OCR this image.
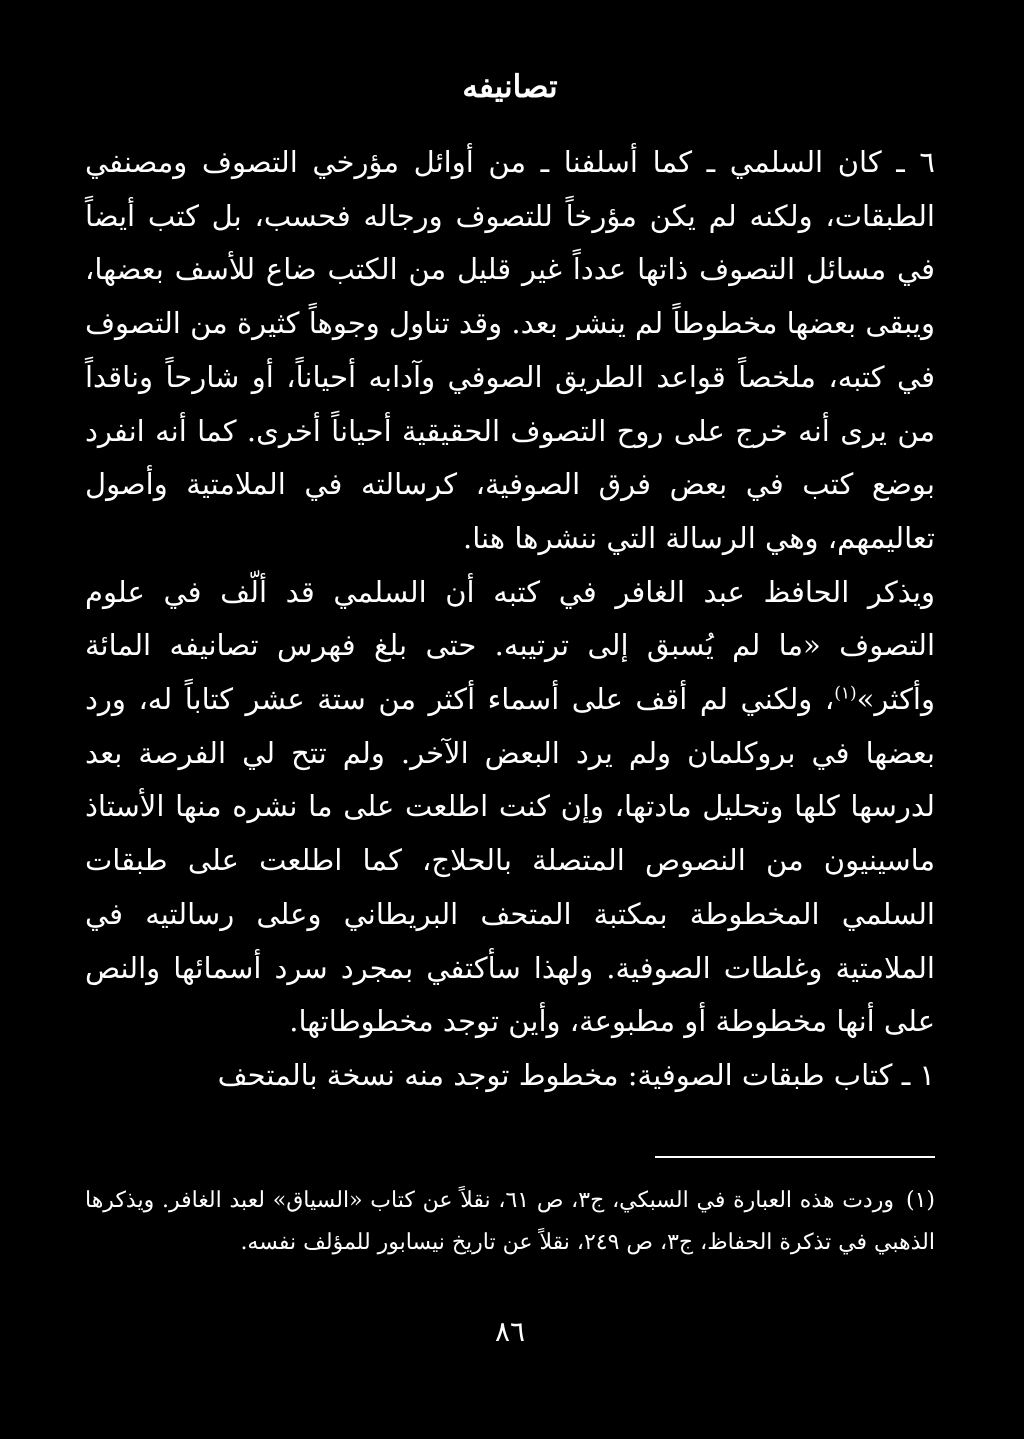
تصانيفه

٦ ـ كان السلمي ـ كما أسلفنا ـ من أوائل مؤرخي التصوف ومصنفي الطبقات، ولكنه لم يكن مؤرخاً للتصوف ورجاله فحسب، بل كتب أيضاً في مسائل التصوف ذاتها عدداً غير قليل من الكتب ضاع للأسف بعضها، ويبقى بعضها مخطوطاً لم ينشر بعد. وقد تناول وجوهاً كثيرة من التصوف في كتبه، ملخصاً قواعد الطريق الصوفي وآدابه أحياناً، أو شارحاً وناقداً من يرى أنه خرج على روح التصوف الحقيقية أحياناً أخرى. كما أنه انفرد بوضع كتب في بعض فرق الصوفية، كرسالته في الملامتية وأصول تعاليمهم، وهي الرسالة التي ننشرها هنا.

ويذكر الحافظ عبد الغافر في كتبه أن السلمي قد ألّف في علوم التصوف «ما لم يُسبق إلى ترتيبه. حتى بلغ فهرس تصانيفه المائة وأكثر»$^{(١)}$، ولكني لم أقف على أسماء أكثر من ستة عشر كتاباً له، ورد بعضها في بروكلمان ولم يرد البعض الآخر. ولم تتح لي الفرصة بعد لدرسها كلها وتحليل مادتها، وإن كنت اطلعت على ما نشره منها الأستاذ ماسينيون من النصوص المتصلة بالحلاج، كما اطلعت على طبقات السلمي المخطوطة بمكتبة المتحف البريطاني وعلى رسالتيه في الملامتية وغلطات الصوفية. ولهذا سأكتفي بمجرد سرد أسمائها والنص على أنها مخطوطة أو مطبوعة، وأين توجد مخطوطاتها.

١ ـ كتاب طبقات الصوفية: مخطوط توجد منه نسخة بالمتحف

(١)وردت هذه العبارة في السبكي، ج٣، ص ٦١، نقلاً عن كتاب «السياق» لعبد الغافر. ويذكرها الذهبي في تذكرة الحفاظ، ج٣، ص ٢٤٩، نقلاً عن تاريخ نيسابور للمؤلف نفسه.
٨٦
